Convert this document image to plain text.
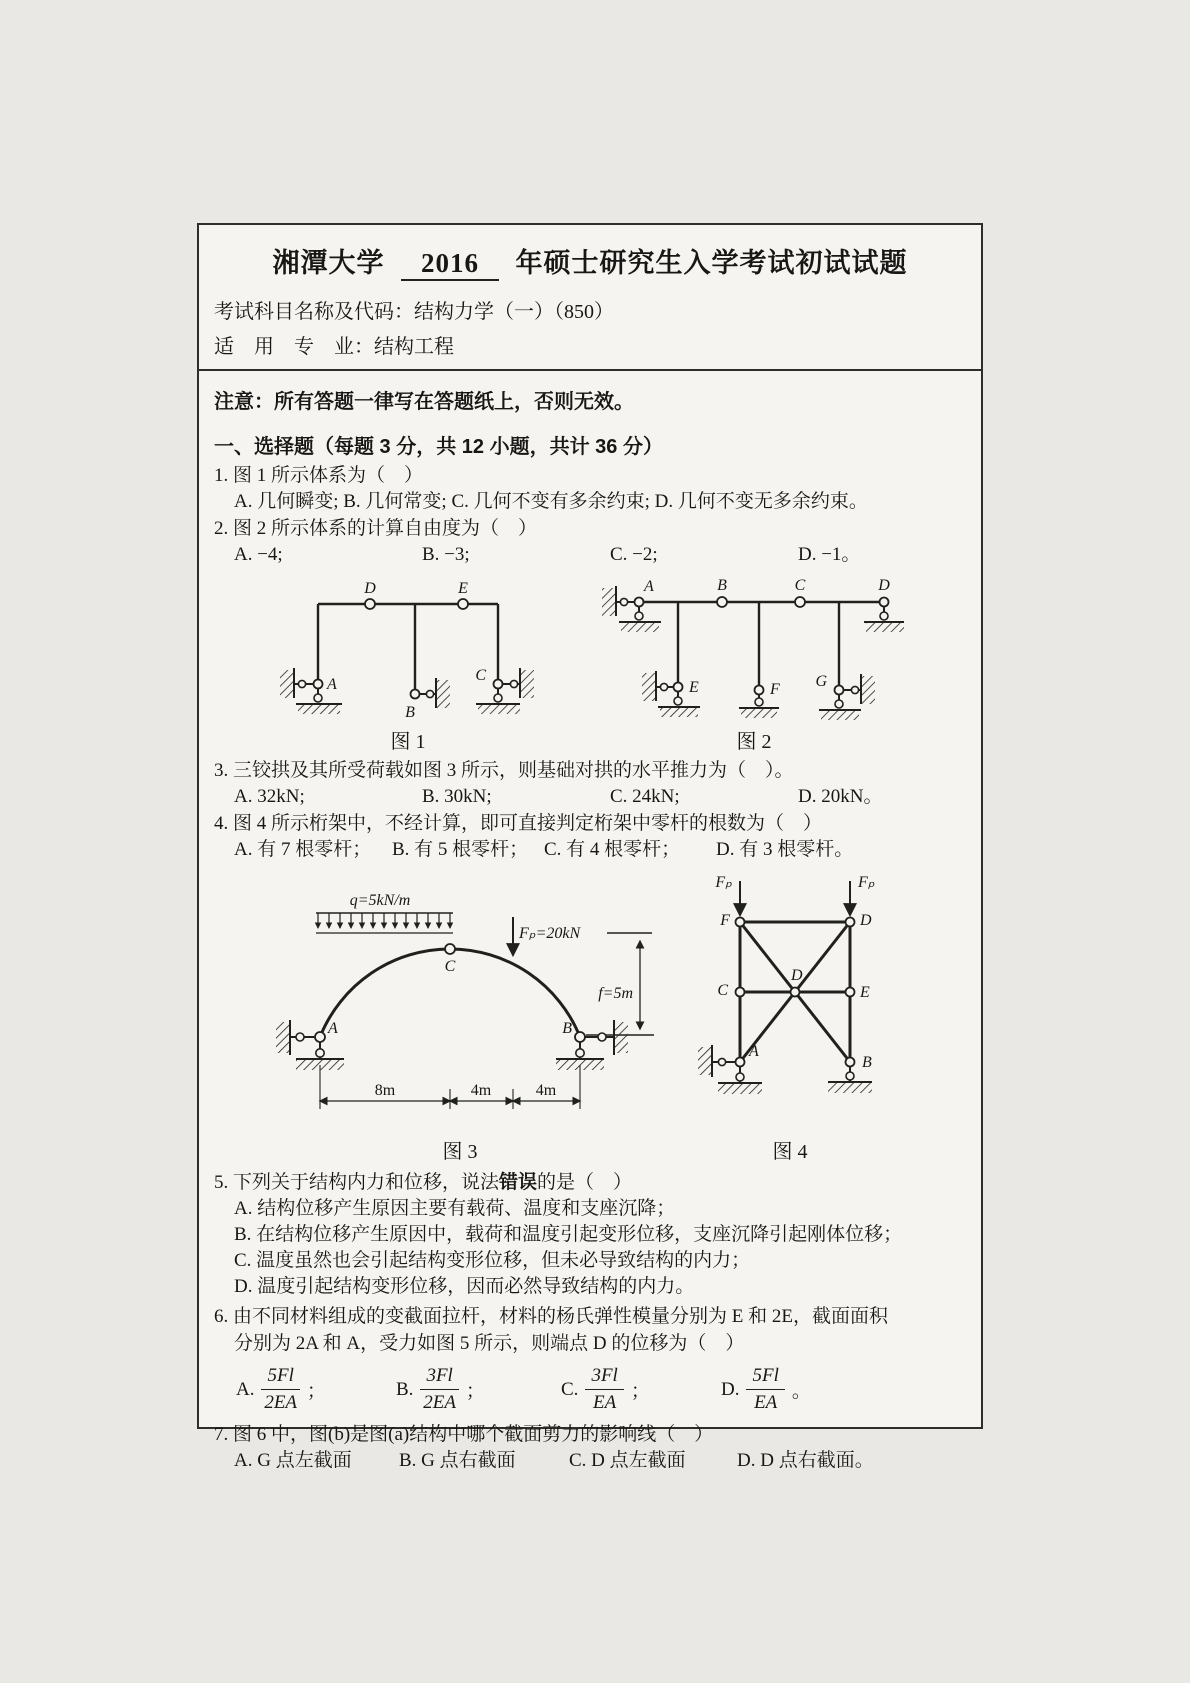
湘潭大学 2016 年硕士研究生入学考试初试试题
考试科目名称及代码：结构力学（一）（850）
适　用　专　业：结构工程
注意：所有答题一律写在答题纸上，否则无效。
一、选择题（每题 3 分，共 12 小题，共计 36 分）
1. 图 1 所示体系为（　）
A. 几何瞬变; B. 几何常变; C. 几何不变有多余约束; D. 几何不变无多余约束。
2. 图 2 所示体系的计算自由度为（　）
A. −4;	B. −3;	C. −2;	D. −1。
D	E
A
B
C
图 1
A	B	C	D
E	F G
图 2
3. 三铰拱及其所受荷载如图 3 所示，则基础对拱的水平推力为（　）。
A. 32kN;	B. 30kN;	C. 24kN;	D. 20kN。
4. 图 4 所示桁架中，不经计算，即可直接判定桁架中零杆的根数为（　）
A. 有 7 根零杆；	B. 有 5 根零杆； C. 有 4 根零杆；	D. 有 3 根零杆。
q=5kN/m
C
Fₚ=20kN
f=5m
A	B
8m	4m	4m
图 3
Fₚ	Fₚ
F	D
C
D
E
A
B
图 4
5. 下列关于结构内力和位移，说法错误的是（　）
A. 结构位移产生原因主要有载荷、温度和支座沉降；
B. 在结构位移产生原因中，载荷和温度引起变形位移，支座沉降引起刚体位移；
C. 温度虽然也会引起结构变形位移，但未必导致结构的内力；
D. 温度引起结构变形位移，因而必然导致结构的内力。
6. 由不同材料组成的变截面拉杆，材料的杨氏弹性模量分别为 E 和 2E，截面面积
分别为 2A 和 A，受力如图 5 所示，则端点 D 的位移为（　）
A. $\frac{5Fl}{2EA}$ ；	B. $\frac{3Fl}{2EA}$ ；	C. $\frac{3Fl}{EA}$ ；	D. $\frac{5Fl}{EA}$ 。
7. 图 6 中，图(b)是图(a)结构中哪个截面剪力的影响线（　）
A. G 点左截面	B. G 点右截面	C. D 点左截面	D. D 点右截面。
